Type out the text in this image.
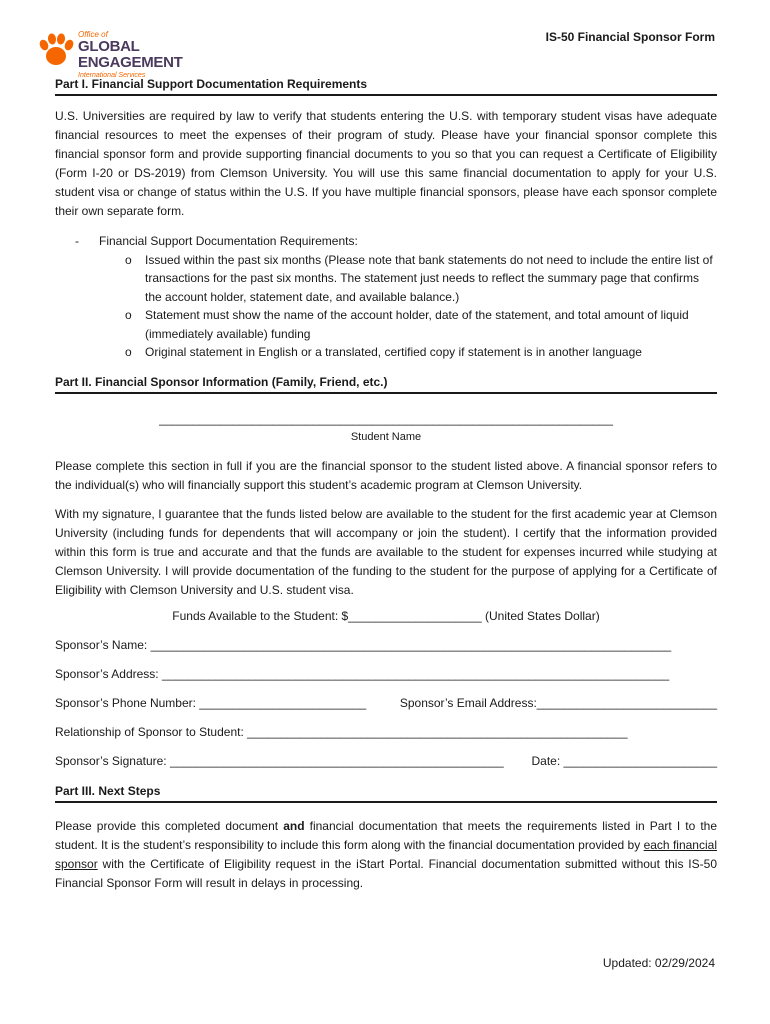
Office of
GLOBAL ENGAGEMENT
International Services
IS-50 Financial Sponsor Form
Part I. Financial Support Documentation Requirements

U.S. Universities are required by law to verify that students entering the U.S. with temporary student visas have adequate financial resources to meet the expenses of their program of study. Please have your financial sponsor complete this financial sponsor form and provide supporting financial documents to you so that you can request a Certificate of Eligibility (Form I-20 or DS-2019) from Clemson University. You will use this same financial documentation to apply for your U.S. student visa or change of status within the U.S. If you have multiple financial sponsors, please have each sponsor complete their own separate form.

- Financial Support Documentation Requirements:
o Issued within the past six months (Please note that bank statements do not need to include the entire list of transactions for the past six months. The statement just needs to reflect the summary page that confirms the account holder, statement date, and available balance.)
o Statement must show the name of the account holder, date of the statement, and total amount of liquid (immediately available) funding
o Original statement in English or a translated, certified copy if statement is in another language
Part II. Financial Sponsor Information (Family, Friend, etc.)
____________________________________________________________________
Student Name

Please complete this section in full if you are the financial sponsor to the student listed above. A financial sponsor refers to the individual(s) who will financially support this student’s academic program at Clemson University.

With my signature, I guarantee that the funds listed below are available to the student for the first academic year at Clemson University (including funds for dependents that will accompany or join the student). I certify that the information provided within this form is true and accurate and that the funds are available to the student for expenses incurred while studying at Clemson University. I will provide documentation of the funding to the student for the purpose of applying for a Certificate of Eligibility with Clemson University and U.S. student visa.

Funds Available to the Student: $____________________ (United States Dollar)
Sponsor’s Name: ______________________________________________________________________________
Sponsor’s Address: ____________________________________________________________________________
Sponsor’s Phone Number: _________________________	Sponsor’s Email Address:___________________________
Relationship of Sponsor to Student: _________________________________________________________
Sponsor’s Signature: __________________________________________________ Date: _______________________
Part III. Next Steps

Please provide this completed document and financial documentation that meets the requirements listed in Part I to the student. It is the student’s responsibility to include this form along with the financial documentation provided by each financial sponsor with the Certificate of Eligibility request in the iStart Portal. Financial documentation submitted without this IS-50 Financial Sponsor Form will result in delays in processing.

Updated: 02/29/2024
